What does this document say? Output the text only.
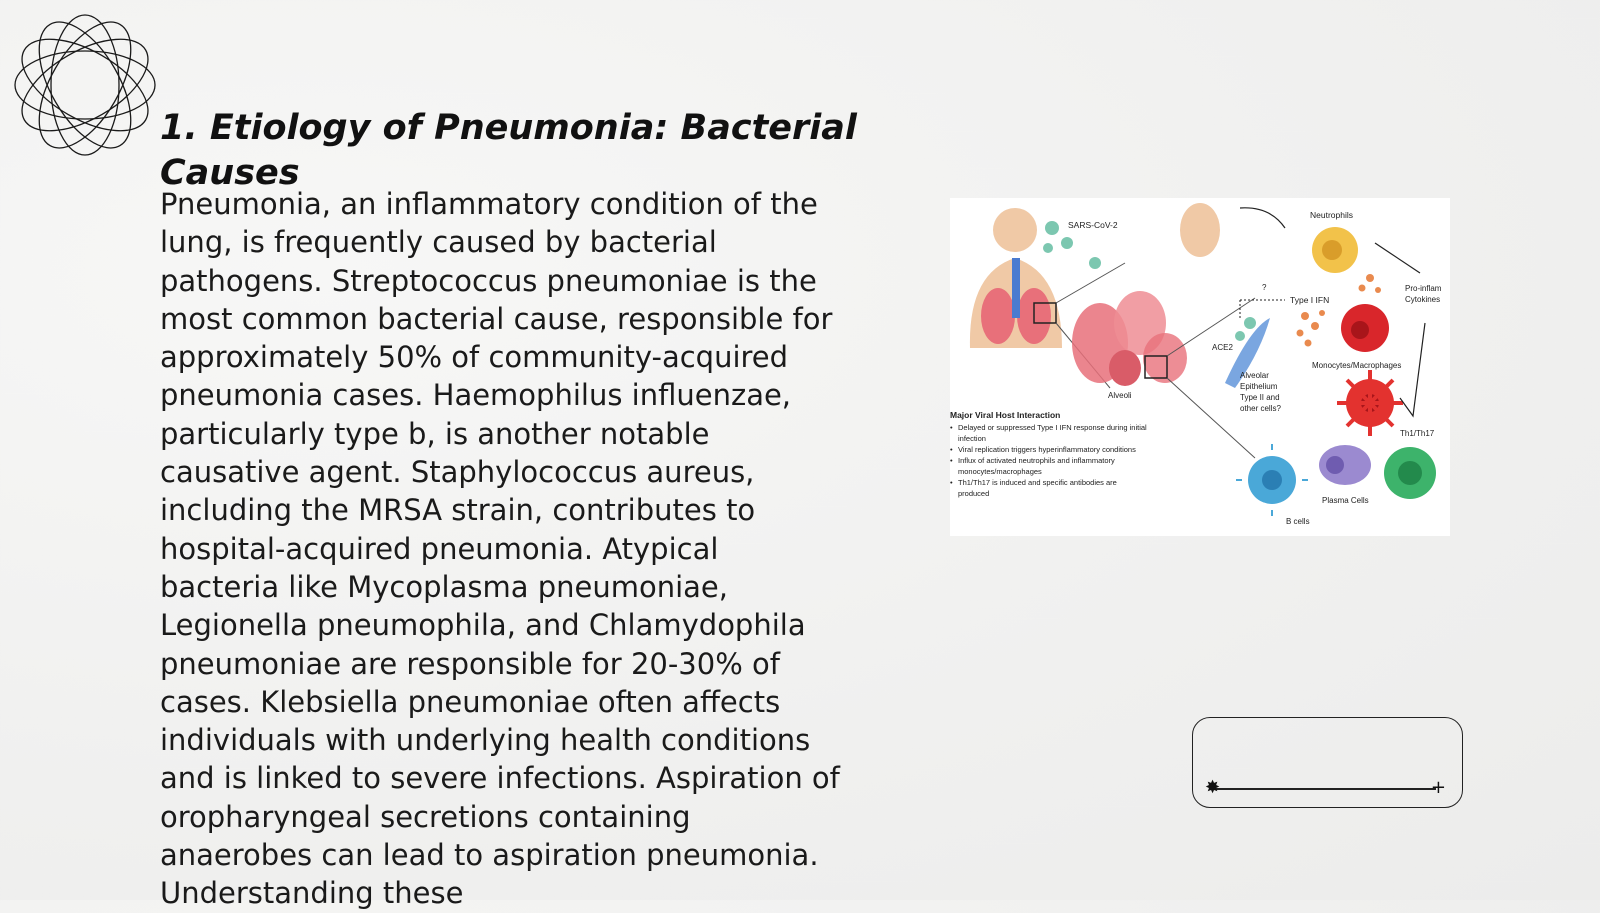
1. Etiology of Pneumonia: Bacterial Causes

Pneumonia, an inflammatory condition of the lung, is frequently caused by bacterial pathogens. Streptococcus pneumoniae is the most common bacterial cause, responsible for approximately 50% of community-acquired pneumonia cases. Haemophilus influenzae, particularly type b, is another notable causative agent. Staphylococcus aureus, including the MRSA strain, contributes to hospital-acquired pneumonia. Atypical bacteria like Mycoplasma pneumoniae, Legionella pneumophila, and Chlamydophila pneumoniae are responsible for 20-30% of cases. Klebsiella pneumoniae often affects individuals with underlying health conditions and is linked to severe infections. Aspiration of oropharyngeal secretions containing anaerobes can lead to aspiration pneumonia. Understanding these

SARS-CoV-2
Alveoli
Neutrophils
Pro-inflam
Cytokines
?
Type I IFN
ACE2
Alveolar
Epithelium
Type II and
other cells?
Monocytes/Macrophages
Th1/Th17
B cells
Plasma Cells
Major Viral Host Interaction
• Delayed or suppressed Type I IFN response during initial
infection
• Viral replication triggers hyperinflammatory conditions
• Influx of activated neutrophils and inflammatory
monocytes/macrophages
• Th1/Th17 is induced and specific antibodies are
produced
✸	+
